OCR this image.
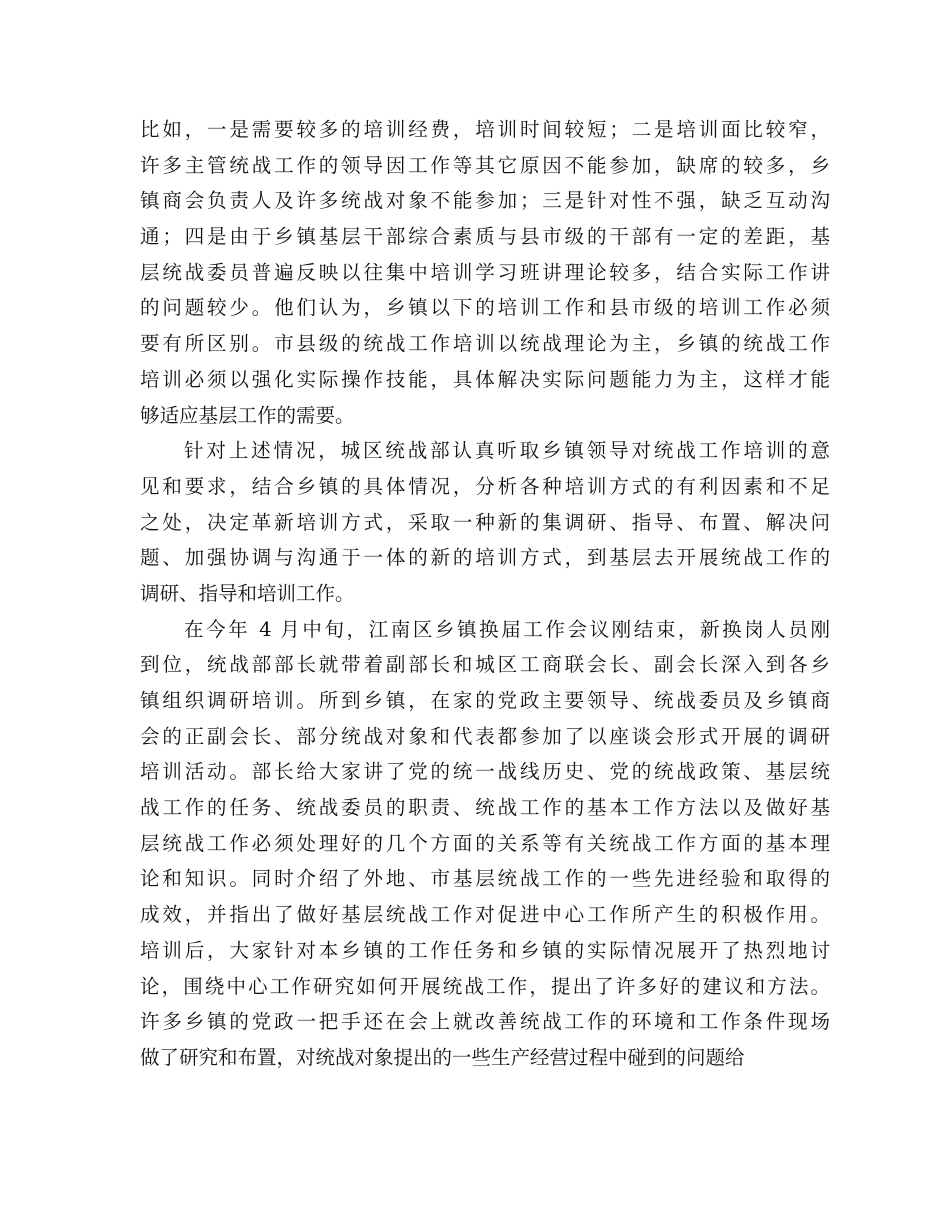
比如，一是需要较多的培训经费，培训时间较短；二是培训面比较窄，
许多主管统战工作的领导因工作等其它原因不能参加，缺席的较多，乡
镇商会负责人及许多统战对象不能参加；三是针对性不强，缺乏互动沟
通；四是由于乡镇基层干部综合素质与县市级的干部有一定的差距，基
层统战委员普遍反映以往集中培训学习班讲理论较多，结合实际工作讲
的问题较少。他们认为，乡镇以下的培训工作和县市级的培训工作必须
要有所区别。市县级的统战工作培训以统战理论为主，乡镇的统战工作
培训必须以强化实际操作技能，具体解决实际问题能力为主，这样才能
够适应基层工作的需要。
针对上述情况，城区统战部认真听取乡镇领导对统战工作培训的意
见和要求，结合乡镇的具体情况，分析各种培训方式的有利因素和不足
之处，决定革新培训方式，采取一种新的集调研、指导、布置、解决问
题、加强协调与沟通于一体的新的培训方式，到基层去开展统战工作的
调研、指导和培训工作。
在今年 4 月中旬，江南区乡镇换届工作会议刚结束，新换岗人员刚
到位，统战部部长就带着副部长和城区工商联会长、副会长深入到各乡
镇组织调研培训。所到乡镇，在家的党政主要领导、统战委员及乡镇商
会的正副会长、部分统战对象和代表都参加了以座谈会形式开展的调研
培训活动。部长给大家讲了党的统一战线历史、党的统战政策、基层统
战工作的任务、统战委员的职责、统战工作的基本工作方法以及做好基
层统战工作必须处理好的几个方面的关系等有关统战工作方面的基本理
论和知识。同时介绍了外地、市基层统战工作的一些先进经验和取得的
成效，并指出了做好基层统战工作对促进中心工作所产生的积极作用。
培训后，大家针对本乡镇的工作任务和乡镇的实际情况展开了热烈地讨
论，围绕中心工作研究如何开展统战工作，提出了许多好的建议和方法。
许多乡镇的党政一把手还在会上就改善统战工作的环境和工作条件现场
做了研究和布置，对统战对象提出的一些生产经营过程中碰到的问题给
